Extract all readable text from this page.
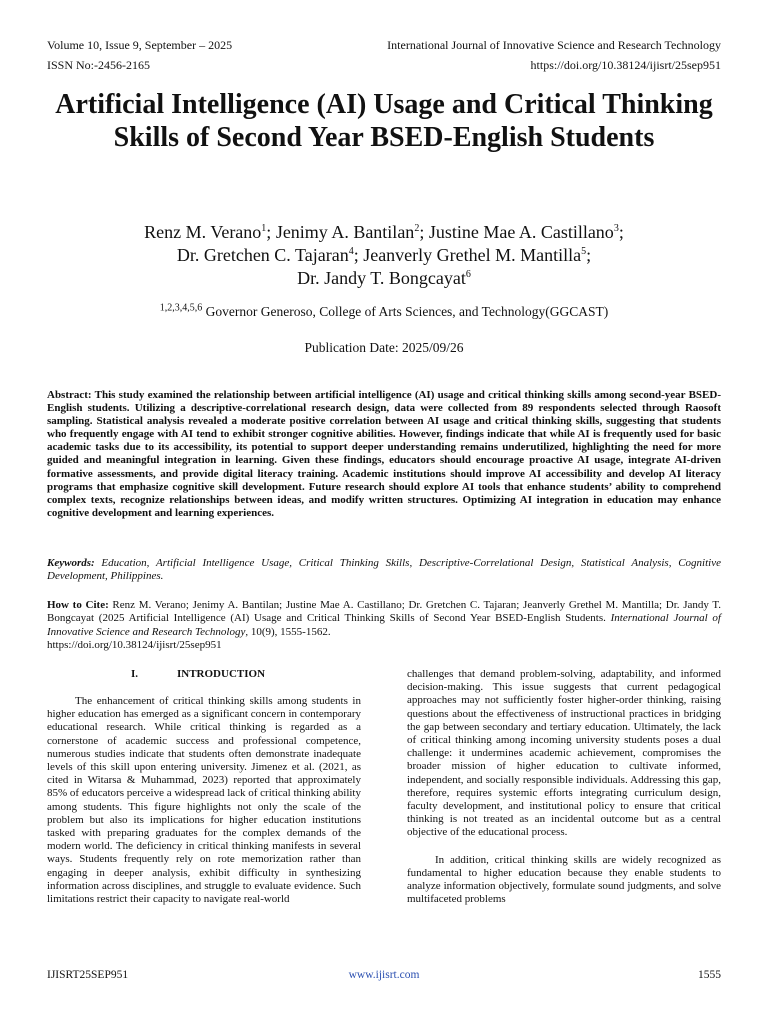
Volume 10, Issue 9, September – 2025	International Journal of Innovative Science and Research Technology
ISSN No:-2456-2165	https://doi.org/10.38124/ijisrt/25sep951
Artificial Intelligence (AI) Usage and Critical Thinking Skills of Second Year BSED-English Students
Renz M. Verano$^1$; Jenimy A. Bantilan$^2$; Justine Mae A. Castillano$^3$;
Dr. Gretchen C. Tajaran$^4$; Jeanverly Grethel M. Mantilla$^5$;
Dr. Jandy T. Bongcayat$^6$
$^{1,2,3,4,5,6}$ Governor Generoso, College of Arts Sciences, and Technology(GGCAST)
Publication Date: 2025/09/26
Abstract: This study examined the relationship between artificial intelligence (AI) usage and critical thinking skills among second-year BSED-English students. Utilizing a descriptive-correlational research design, data were collected from 89 respondents selected through Raosoft sampling. Statistical analysis revealed a moderate positive correlation between AI usage and critical thinking skills, suggesting that students who frequently engage with AI tend to exhibit stronger cognitive abilities. However, findings indicate that while AI is frequently used for basic academic tasks due to its accessibility, its potential to support deeper understanding remains underutilized, highlighting the need for more guided and meaningful integration in learning. Given these findings, educators should encourage proactive AI usage, integrate AI-driven formative assessments, and provide digital literacy training. Academic institutions should improve AI accessibility and develop AI literacy programs that emphasize cognitive skill development. Future research should explore AI tools that enhance students’ ability to comprehend complex texts, recognize relationships between ideas, and modify written structures. Optimizing AI integration in education may enhance cognitive development and learning experiences.
Keywords: Education, Artificial Intelligence Usage, Critical Thinking Skills, Descriptive-Correlational Design, Statistical Analysis, Cognitive Development, Philippines.
How to Cite: Renz M. Verano; Jenimy A. Bantilan; Justine Mae A. Castillano; Dr. Gretchen C. Tajaran; Jeanverly Grethel M. Mantilla; Dr. Jandy T. Bongcayat (2025 Artificial Intelligence (AI) Usage and Critical Thinking Skills of Second Year BSED-English Students. International Journal of Innovative Science and Research Technology, 10(9), 1555-1562.
https://doi.org/10.38124/ijisrt/25sep951
I.	INTRODUCTION

The enhancement of critical thinking skills among students in higher education has emerged as a significant concern in contemporary educational research. While critical thinking is regarded as a cornerstone of academic success and professional competence, numerous studies indicate that students often demonstrate inadequate levels of this skill upon entering university. Jimenez et al. (2021, as cited in Witarsa & Muhammad, 2023) reported that approximately 85% of educators perceive a widespread lack of critical thinking ability among students. This figure highlights not only the scale of the problem but also its implications for higher education institutions tasked with preparing graduates for the complex demands of the modern world. The deficiency in critical thinking manifests in several ways. Students frequently rely on rote memorization rather than engaging in deeper analysis, exhibit difficulty in synthesizing information across disciplines, and struggle to evaluate evidence. Such limitations restrict their capacity to navigate real-world

challenges that demand problem-solving, adaptability, and informed decision-making. This issue suggests that current pedagogical approaches may not sufficiently foster higher-order thinking, raising questions about the effectiveness of instructional practices in bridging the gap between secondary and tertiary education. Ultimately, the lack of critical thinking among incoming university students poses a dual challenge: it undermines academic achievement, compromises the broader mission of higher education to cultivate informed, independent, and socially responsible individuals. Addressing this gap, therefore, requires systemic efforts integrating curriculum design, faculty development, and institutional policy to ensure that critical thinking is not treated as an incidental outcome but as a central objective of the educational process.

In addition, critical thinking skills are widely recognized as fundamental to higher education because they enable students to analyze information objectively, formulate sound judgments, and solve multifaceted problems

IJISRT25SEP951	www.ijisrt.com	1555
